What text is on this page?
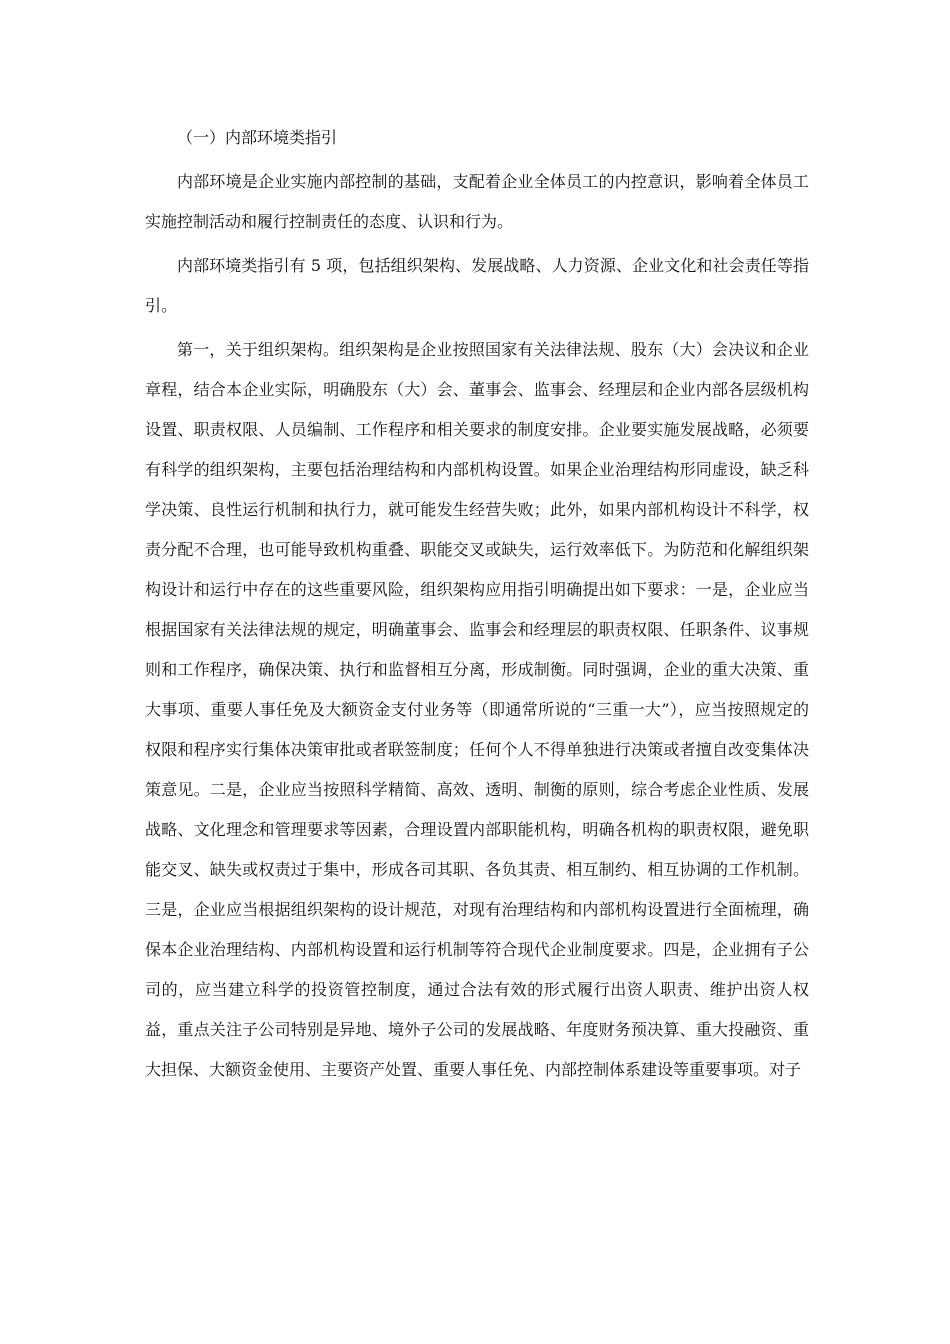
（一）内部环境类指引

内部环境是企业实施内部控制的基础，支配着企业全体员工的内控意识，影响着全体员工实施控制活动和履行控制责任的态度、认识和行为。

内部环境类指引有 5 项，包括组织架构、发展战略、人力资源、企业文化和社会责任等指引。

第一，关于组织架构。组织架构是企业按照国家有关法律法规、股东（大）会决议和企业章程，结合本企业实际，明确股东（大）会、董事会、监事会、经理层和企业内部各层级机构设置、职责权限、人员编制、工作程序和相关要求的制度安排。企业要实施发展战略，必须要有科学的组织架构，主要包括治理结构和内部机构设置。如果企业治理结构形同虚设，缺乏科学决策、良性运行机制和执行力，就可能发生经营失败；此外，如果内部机构设计不科学，权责分配不合理，也可能导致机构重叠、职能交叉或缺失，运行效率低下。为防范和化解组织架构设计和运行中存在的这些重要风险，组织架构应用指引明确提出如下要求：一是，企业应当根据国家有关法律法规的规定，明确董事会、监事会和经理层的职责权限、任职条件、议事规则和工作程序，确保决策、执行和监督相互分离，形成制衡。同时强调，企业的重大决策、重大事项、重要人事任免及大额资金支付业务等（即通常所说的“三重一大”），应当按照规定的权限和程序实行集体决策审批或者联签制度；任何个人不得单独进行决策或者擅自改变集体决策意见。二是，企业应当按照科学精简、高效、透明、制衡的原则，综合考虑企业性质、发展战略、文化理念和管理要求等因素，合理设置内部职能机构，明确各机构的职责权限，避免职能交叉、缺失或权责过于集中，形成各司其职、各负其责、相互制约、相互协调的工作机制。三是，企业应当根据组织架构的设计规范，对现有治理结构和内部机构设置进行全面梳理，确保本企业治理结构、内部机构设置和运行机制等符合现代企业制度要求。四是，企业拥有子公司的，应当建立科学的投资管控制度，通过合法有效的形式履行出资人职责、维护出资人权益，重点关注子公司特别是异地、境外子公司的发展战略、年度财务预决算、重大投融资、重大担保、大额资金使用、主要资产处置、重要人事任免、内部控制体系建设等重要事项。对子
